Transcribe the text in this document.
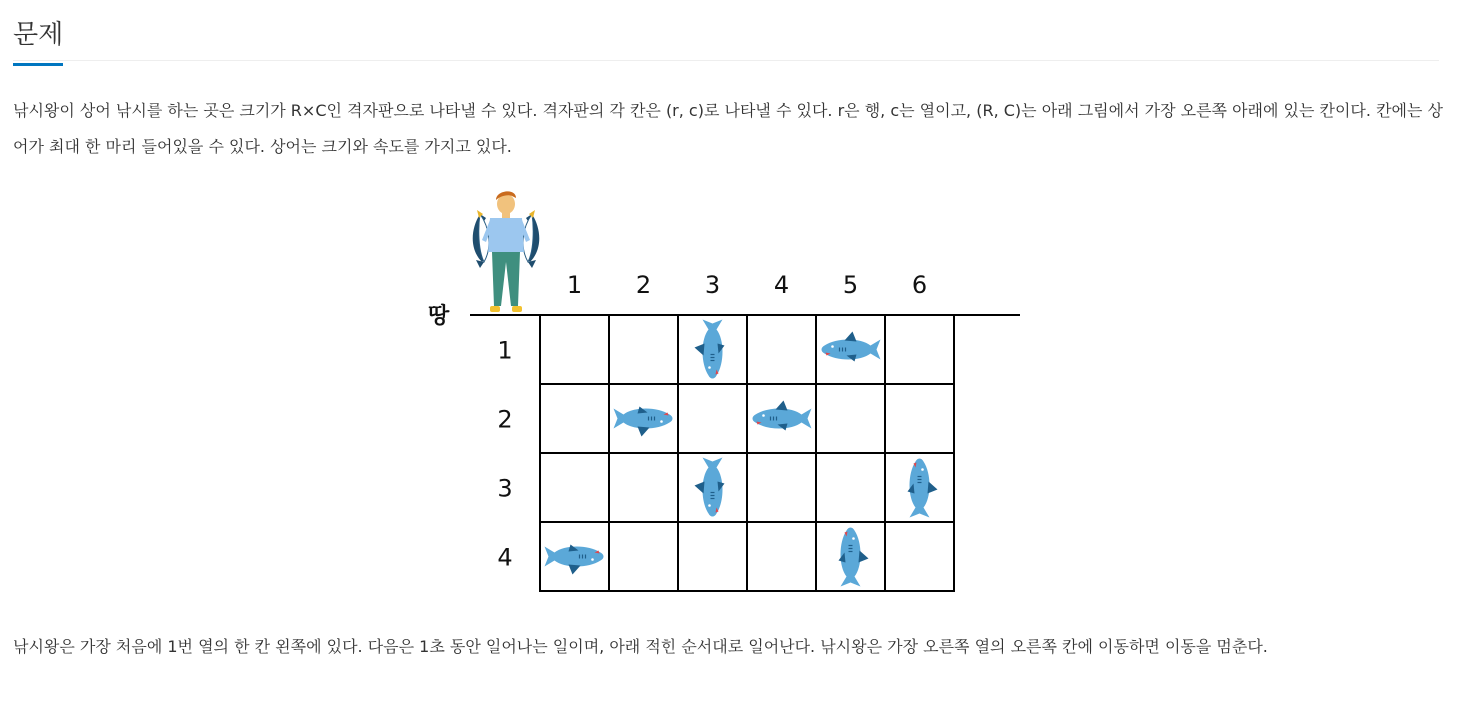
문제

낚시왕이 상어 낚시를 하는 곳은 크기가 R×C인 격자판으로 나타낼 수 있다. 격자판의 각 칸은 (r, c)로 나타낼 수 있다. r은 행, c는 열이고, (R, C)는 아래 그림에서 가장 오른쪽 아래에 있는 칸이다. 칸에는 상어가 최대 한 마리 들어있을 수 있다. 상어는 크기와 속도를 가지고 있다.

땅
1 2 3 4 5 6
1
2
3
4

낚시왕은 가장 처음에 1번 열의 한 칸 왼쪽에 있다. 다음은 1초 동안 일어나는 일이며, 아래 적힌 순서대로 일어난다. 낚시왕은 가장 오른쪽 열의 오른쪽 칸에 이동하면 이동을 멈춘다.
